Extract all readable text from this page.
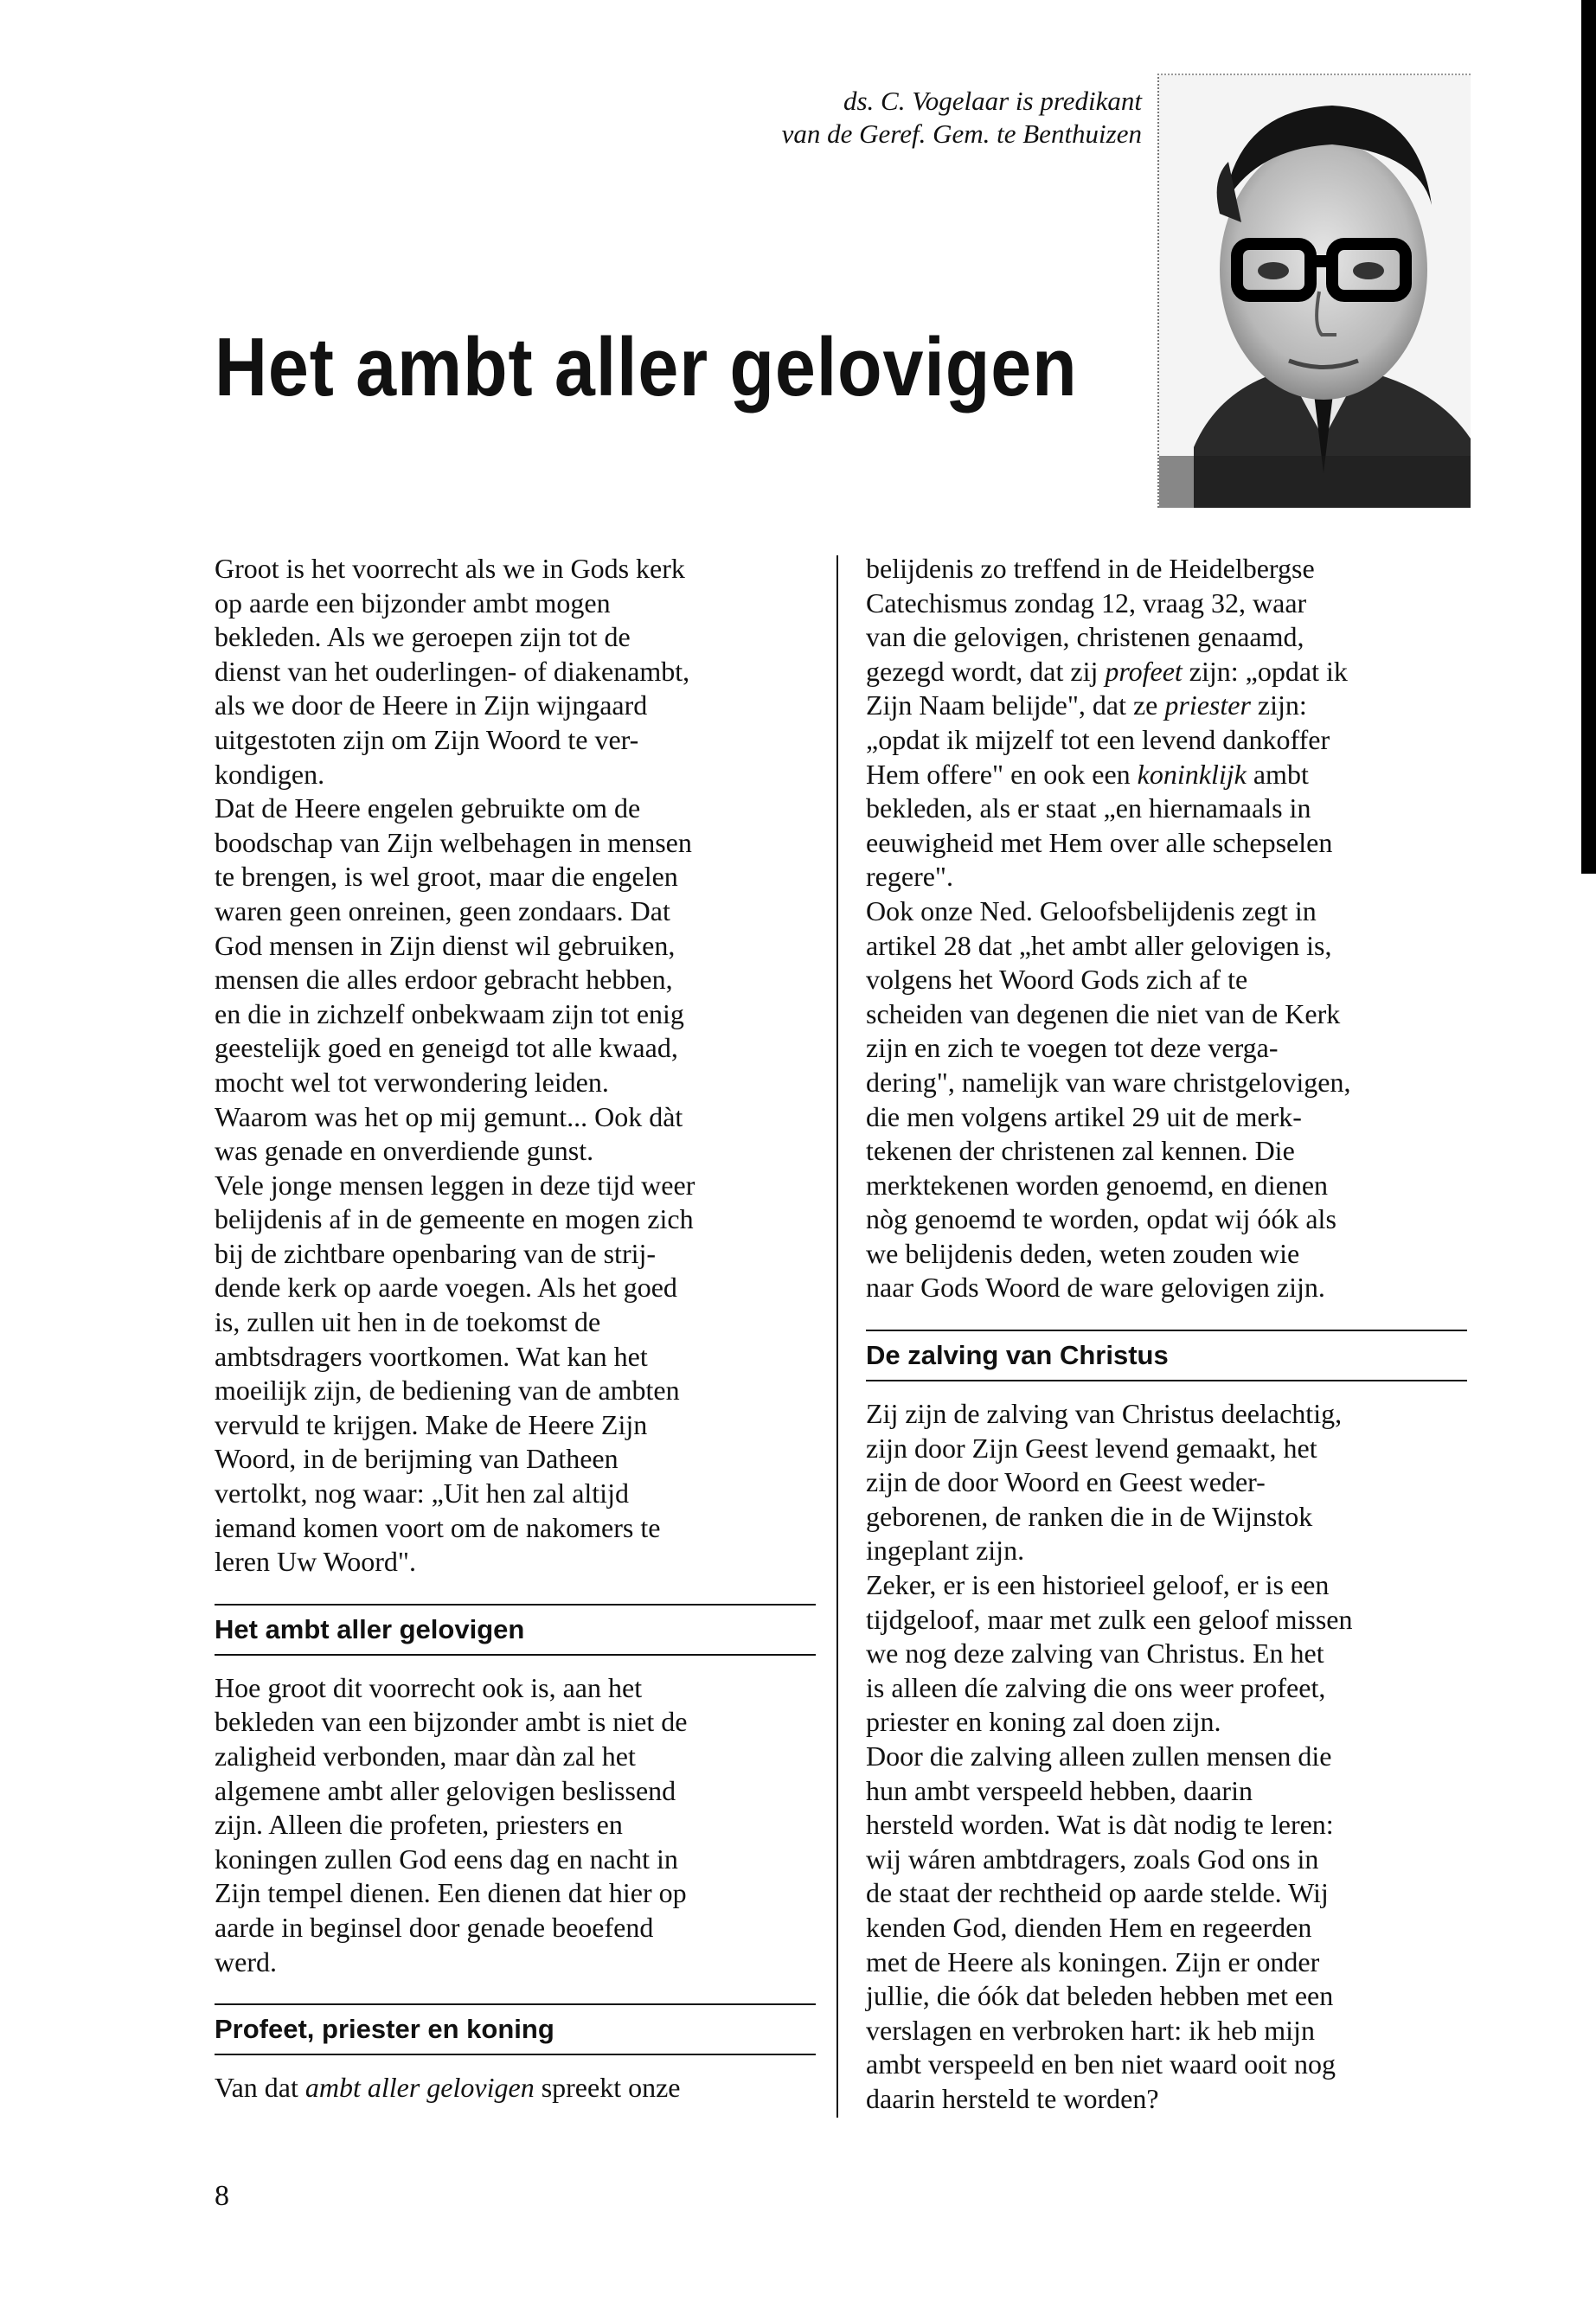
ds. C. Vogelaar is predikant
van de Geref. Gem. te Benthuizen
Het ambt aller gelovigen

Groot is het voorrecht als we in Gods kerk

op aarde een bijzonder ambt mogen

bekleden. Als we geroepen zijn tot de

dienst van het ouderlingen- of diakenambt,

als we door de Heere in Zijn wijngaard

uitgestoten zijn om Zijn Woord te ver-

kondigen.

Dat de Heere engelen gebruikte om de

boodschap van Zijn welbehagen in mensen

te brengen, is wel groot, maar die engelen

waren geen onreinen, geen zondaars. Dat

God mensen in Zijn dienst wil gebruiken,

mensen die alles erdoor gebracht hebben,

en die in zichzelf onbekwaam zijn tot enig

geestelijk goed en geneigd tot alle kwaad,

mocht wel tot verwondering leiden.

Waarom was het op mij gemunt... Ook dàt

was genade en onverdiende gunst.

Vele jonge mensen leggen in deze tijd weer

belijdenis af in de gemeente en mogen zich

bij de zichtbare openbaring van de strij-

dende kerk op aarde voegen. Als het goed

is, zullen uit hen in de toekomst de

ambtsdragers voortkomen. Wat kan het

moeilijk zijn, de bediening van de ambten

vervuld te krijgen. Make de Heere Zijn

Woord, in de berijming van Datheen

vertolkt, nog waar: „Uit hen zal altijd

iemand komen voort om de nakomers te

leren Uw Woord".

Het ambt aller gelovigen

Hoe groot dit voorrecht ook is, aan het

bekleden van een bijzonder ambt is niet de

zaligheid verbonden, maar dàn zal het

algemene ambt aller gelovigen beslissend

zijn. Alleen die profeten, priesters en

koningen zullen God eens dag en nacht in

Zijn tempel dienen. Een dienen dat hier op

aarde in beginsel door genade beoefend

werd.

Profeet, priester en koning

Van dat ambt aller gelovigen spreekt onze

belijdenis zo treffend in de Heidelbergse

Catechismus zondag 12, vraag 32, waar

van die gelovigen, christenen genaamd,

gezegd wordt, dat zij profeet zijn: „opdat ik

Zijn Naam belijde", dat ze priester zijn:

„opdat ik mijzelf tot een levend dankoffer

Hem offere" en ook een koninklijk ambt

bekleden, als er staat „en hiernamaals in

eeuwigheid met Hem over alle schepselen

regere".

Ook onze Ned. Geloofsbelijdenis zegt in

artikel 28 dat „het ambt aller gelovigen is,

volgens het Woord Gods zich af te

scheiden van degenen die niet van de Kerk

zijn en zich te voegen tot deze verga-

dering", namelijk van ware christgelovigen,

die men volgens artikel 29 uit de merk-

tekenen der christenen zal kennen. Die

merktekenen worden genoemd, en dienen

nòg genoemd te worden, opdat wij óók als

we belijdenis deden, weten zouden wie

naar Gods Woord de ware gelovigen zijn.

De zalving van Christus

Zij zijn de zalving van Christus deelachtig,

zijn door Zijn Geest levend gemaakt, het

zijn de door Woord en Geest weder-

geborenen, de ranken die in de Wijnstok

ingeplant zijn.

Zeker, er is een historieel geloof, er is een

tijdgeloof, maar met zulk een geloof missen

we nog deze zalving van Christus. En het

is alleen díe zalving die ons weer profeet,

priester en koning zal doen zijn.

Door die zalving alleen zullen mensen die

hun ambt verspeeld hebben, daarin

hersteld worden. Wat is dàt nodig te leren:

wij wáren ambtdragers, zoals God ons in

de staat der rechtheid op aarde stelde. Wij

kenden God, dienden Hem en regeerden

met de Heere als koningen. Zijn er onder

jullie, die óók dat beleden hebben met een

verslagen en verbroken hart: ik heb mijn

ambt verspeeld en ben niet waard ooit nog

daarin hersteld te worden?

8
